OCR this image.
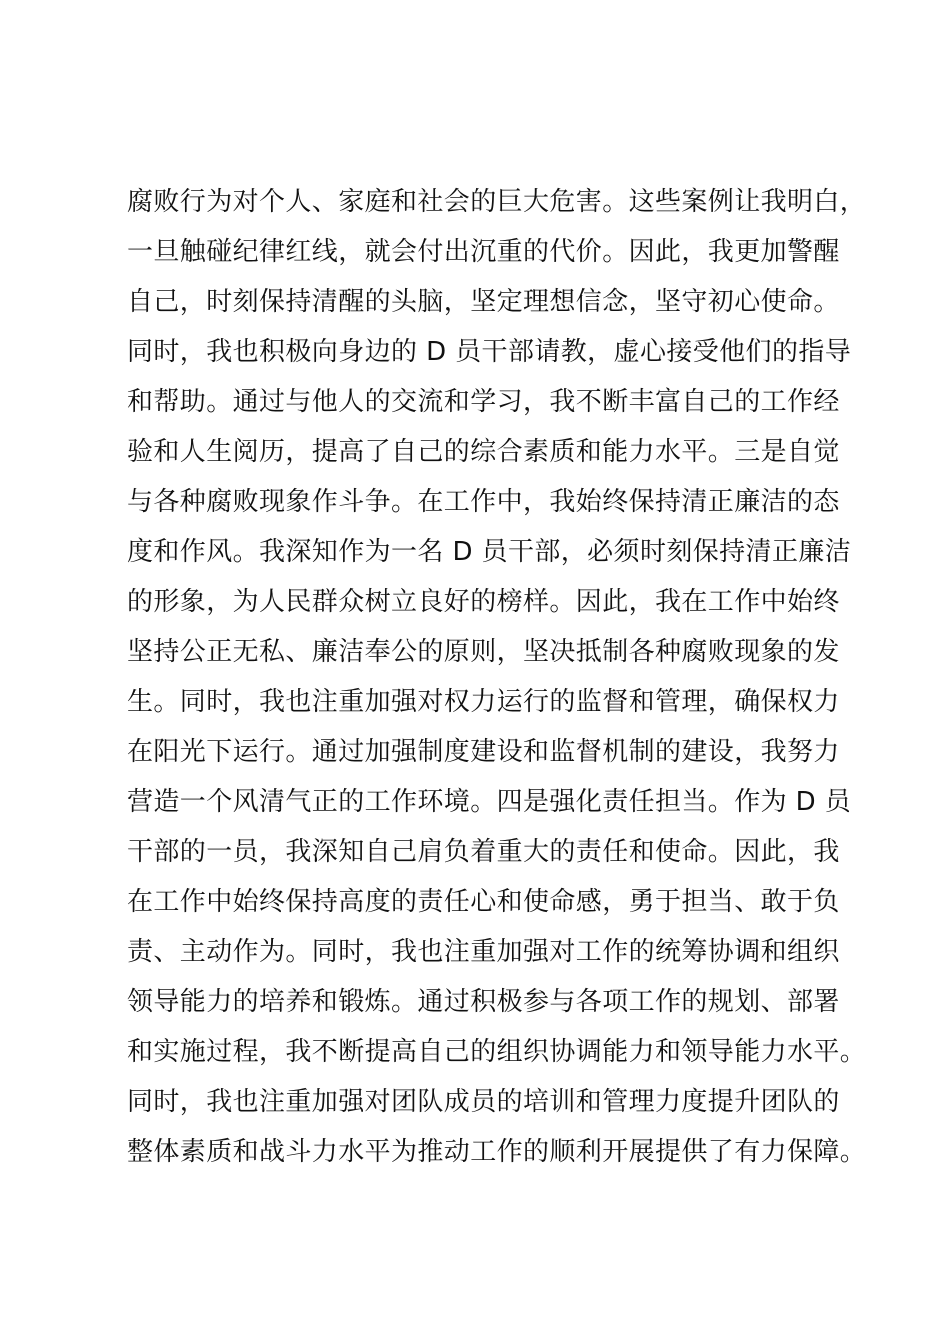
腐败行为对个人、家庭和社会的巨大危害。这些案例让我明白，
一旦触碰纪律红线，就会付出沉重的代价。因此，我更加警醒
自己，时刻保持清醒的头脑，坚定理想信念，坚守初心使命。
同时，我也积极向身边的 D 员干部请教，虚心接受他们的指导
和帮助。通过与他人的交流和学习，我不断丰富自己的工作经
验和人生阅历，提高了自己的综合素质和能力水平。三是自觉
与各种腐败现象作斗争。在工作中，我始终保持清正廉洁的态
度和作风。我深知作为一名 D 员干部，必须时刻保持清正廉洁
的形象，为人民群众树立良好的榜样。因此，我在工作中始终
坚持公正无私、廉洁奉公的原则，坚决抵制各种腐败现象的发
生。同时，我也注重加强对权力运行的监督和管理，确保权力
在阳光下运行。通过加强制度建设和监督机制的建设，我努力
营造一个风清气正的工作环境。四是强化责任担当。作为 D 员
干部的一员，我深知自己肩负着重大的责任和使命。因此，我
在工作中始终保持高度的责任心和使命感，勇于担当、敢于负
责、主动作为。同时，我也注重加强对工作的统筹协调和组织
领导能力的培养和锻炼。通过积极参与各项工作的规划、部署
和实施过程，我不断提高自己的组织协调能力和领导能力水平。
同时，我也注重加强对团队成员的培训和管理力度提升团队的
整体素质和战斗力水平为推动工作的顺利开展提供了有力保障。
